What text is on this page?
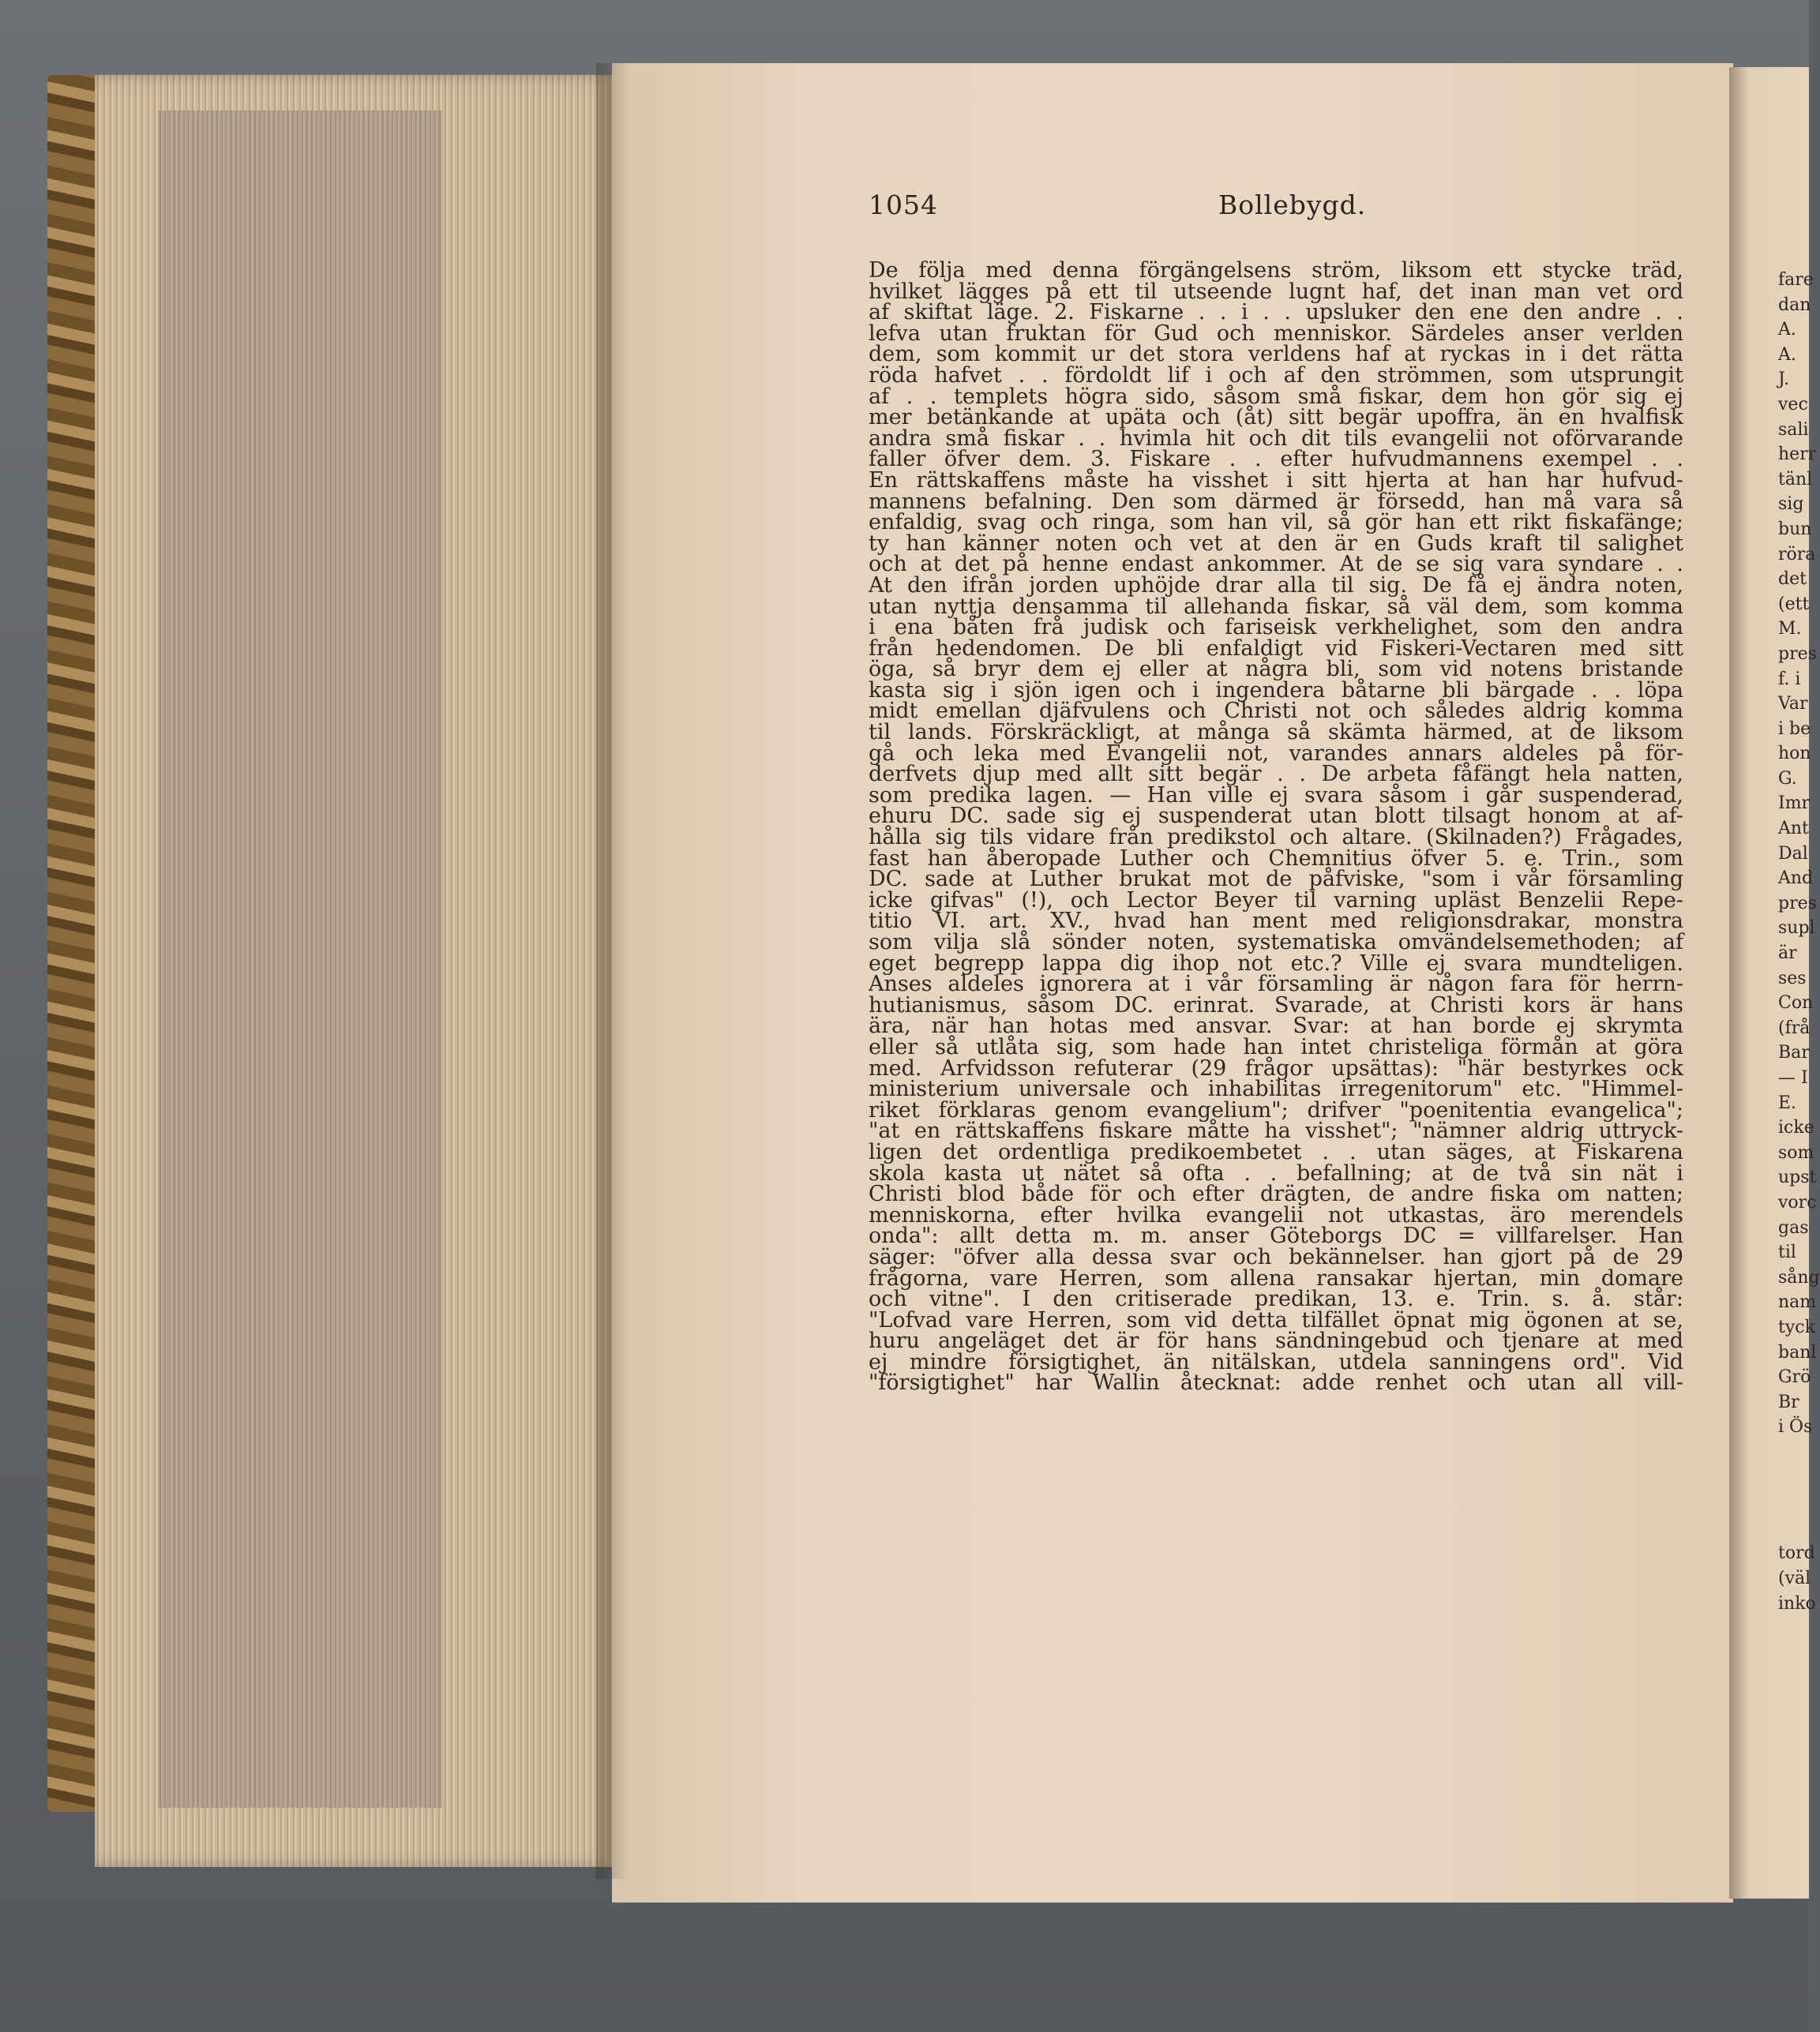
1054	Bollebygd.
De följa med denna förgängelsens ström, liksom ett stycke träd,
hvilket lägges på ett til utseende lugnt haf, det inan man vet ord
af skiftat läge. 2. Fiskarne . . i . . upsluker den ene den andre . .
lefva utan fruktan för Gud och menniskor. Särdeles anser verlden
dem, som kommit ur det stora verldens haf at ryckas in i det rätta
röda hafvet . . fördoldt lif i och af den strömmen, som utsprungit
af . . templets högra sido, såsom små fiskar, dem hon gör sig ej
mer betänkande at upäta och (åt) sitt begär upoffra, än en hvalfisk
andra små fiskar . . hvimla hit och dit tils evangelii not oförvarande
faller öfver dem. 3. Fiskare . . efter hufvudmannens exempel . .
En rättskaffens måste ha visshet i sitt hjerta at han har hufvud-
mannens befalning. Den som därmed är försedd, han må vara så
enfaldig, svag och ringa, som han vil, så gör han ett rikt fiskafänge;
ty han känner noten och vet at den är en Guds kraft til salighet
och at det på henne endast ankommer. At de se sig vara syndare . .
At den ifrån jorden uphöjde drar alla til sig. De få ej ändra noten,
utan nyttja densamma til allehanda fiskar, så väl dem, som komma
i ena båten frå judisk och fariseisk verkhelighet, som den andra
från hedendomen. De bli enfaldigt vid Fiskeri-Vectaren med sitt
öga, så bryr dem ej eller at några bli, som vid notens bristande
kasta sig i sjön igen och i ingendera båtarne bli bärgade . . löpa
midt emellan djäfvulens och Christi not och således aldrig komma
til lands. Förskräckligt, at många så skämta härmed, at de liksom
gå och leka med Evangelii not, varandes annars aldeles på för-
derfvets djup med allt sitt begär . . De arbeta fåfängt hela natten,
som predika lagen. — Han ville ej svara såsom i går suspenderad,
ehuru DC. sade sig ej suspenderat utan blott tilsagt honom at af-
hålla sig tils vidare från predikstol och altare. (Skilnaden?) Frågades,
fast han åberopade Luther och Chemnitius öfver 5. e. Trin., som
DC. sade at Luther brukat mot de påfviske, "som i vår församling
icke gifvas" (!), och Lector Beyer til varning upläst Benzelii Repe-
titio VI. art. XV., hvad han ment med religionsdrakar, monstra
som vilja slå sönder noten, systematiska omvändelsemethoden; af
eget begrepp lappa dig ihop not etc.? Ville ej svara mundteligen.
Anses aldeles ignorera at i vår församling är någon fara för herrn-
hutianismus, såsom DC. erinrat. Svarade, at Christi kors är hans
ära, när han hotas med ansvar. Svar: at han borde ej skrymta
eller så utlåta sig, som hade han intet christeliga förmån at göra
med. Arfvidsson refuterar (29 frågor upsättas): "här bestyrkes ock
ministerium universale och inhabilitas irregenitorum" etc. "Himmel-
riket förklaras genom evangelium"; drifver "poenitentia evangelica";
"at en rättskaffens fiskare måtte ha visshet"; "nämner aldrig uttryck-
ligen det ordentliga predikoembetet . . utan säges, at Fiskarena
skola kasta ut nätet så ofta . . befallning; at de två sin nät i
Christi blod både för och efter drägten, de andre fiska om natten;
menniskorna, efter hvilka evangelii not utkastas, äro merendels
onda": allt detta m. m. anser Göteborgs DC = villfarelser. Han
säger: "öfver alla dessa svar och bekännelser. han gjort på de 29
frågorna, vare Herren, som allena ransakar hjertan, min domare
och vitne". I den critiserade predikan, 13. e. Trin. s. å. står:
"Lofvad vare Herren, som vid detta tilfället öpnat mig ögonen at se,
huru angeläget det är för hans sändningebud och tjenare at med
ej mindre försigtighet, än nitälskan, utdela sanningens ord". Vid
"försigtighet" har Wallin åtecknat: adde renhet och utan all vill-
fare
dan
A.
A.
J.
vec
sali
herr
tänl
sig
bun
röra
det
(ett
M.
pres
f. i
Var
i be
hon
G.
Imr
Ant
Dal
And
pres
supl
är
ses
Con
(frå
Bar
— I
E.
icke
som
upst
vorc
gas
til
sång
nam
tyck
banl
Grö
Br
i Ös
tord
(väl
inko
